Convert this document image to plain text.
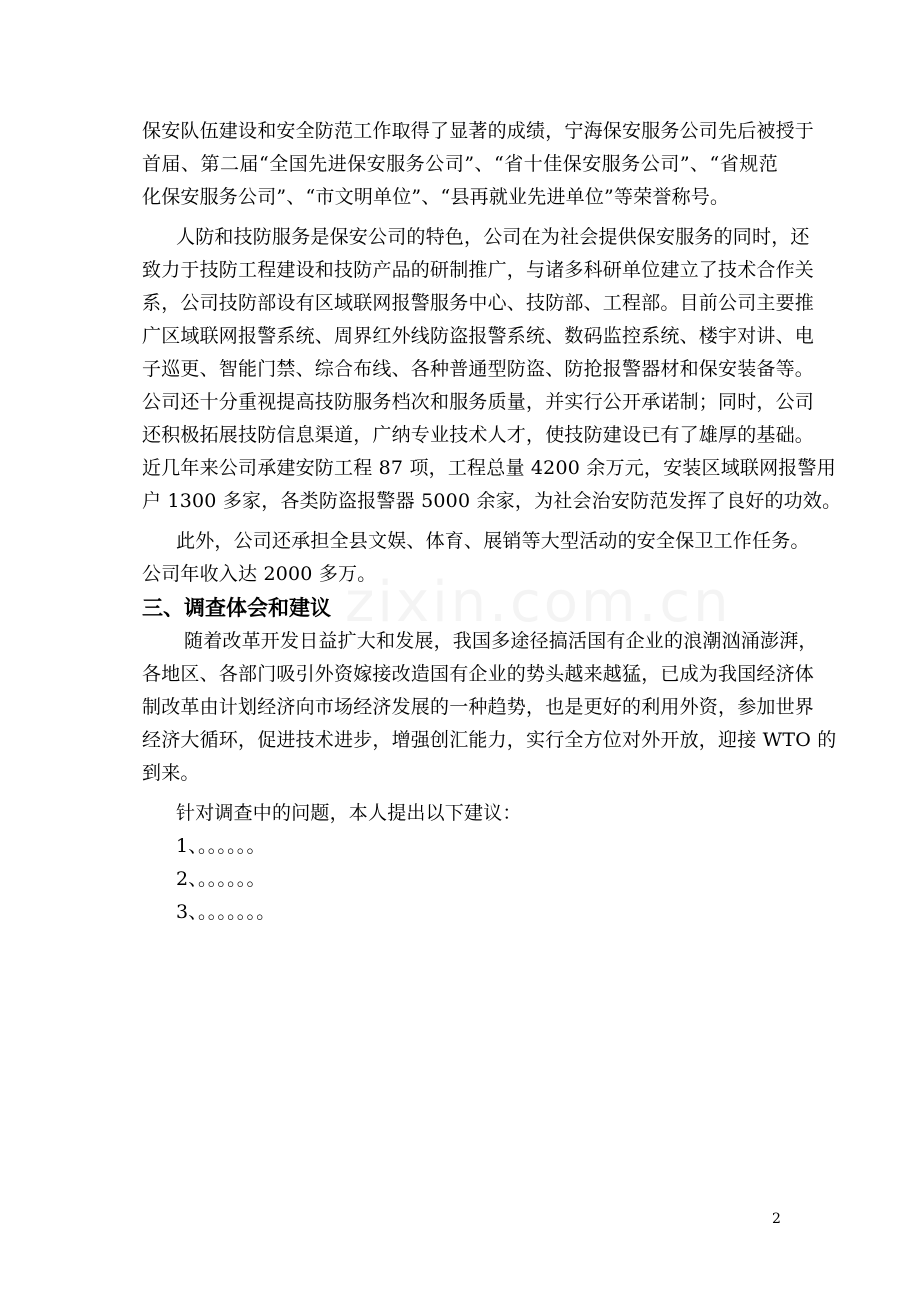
zixin.com.cn
保安队伍建设和安全防范工作取得了显著的成绩，宁海保安服务公司先后被授于
首届、第二届“全国先进保安服务公司”、“省十佳保安服务公司”、“省规范
化保安服务公司”、“市文明单位”、“县再就业先进单位”等荣誉称号。
人防和技防服务是保安公司的特色，公司在为社会提供保安服务的同时，还
致力于技防工程建设和技防产品的研制推广，与诸多科研单位建立了技术合作关
系，公司技防部设有区域联网报警服务中心、技防部、工程部。目前公司主要推
广区域联网报警系统、周界红外线防盗报警系统、数码监控系统、楼宇对讲、电
子巡更、智能门禁、综合布线、各种普通型防盗、防抢报警器材和保安装备等。
公司还十分重视提高技防服务档次和服务质量，并实行公开承诺制；同时，公司
还积极拓展技防信息渠道，广纳专业技术人才，使技防建设已有了雄厚的基础。
近几年来公司承建安防工程 87 项，工程总量 4200 余万元，安装区域联网报警用
户 1300 多家，各类防盗报警器 5000 余家，为社会治安防范发挥了良好的功效。
此外，公司还承担全县文娱、体育、展销等大型活动的安全保卫工作任务。
公司年收入达 2000 多万。
三、调查体会和建议
随着改革开发日益扩大和发展，我国多途径搞活国有企业的浪潮汹涌澎湃，
各地区、各部门吸引外资嫁接改造国有企业的势头越来越猛，已成为我国经济体
制改革由计划经济向市场经济发展的一种趋势，也是更好的利用外资，参加世界
经济大循环，促进技术进步，增强创汇能力，实行全方位对外开放，迎接 WTO 的
到来。
针对调查中的问题，本人提出以下建议：
1、。。。。。。
2、。。。。。。
3、。。。。。。。
2
